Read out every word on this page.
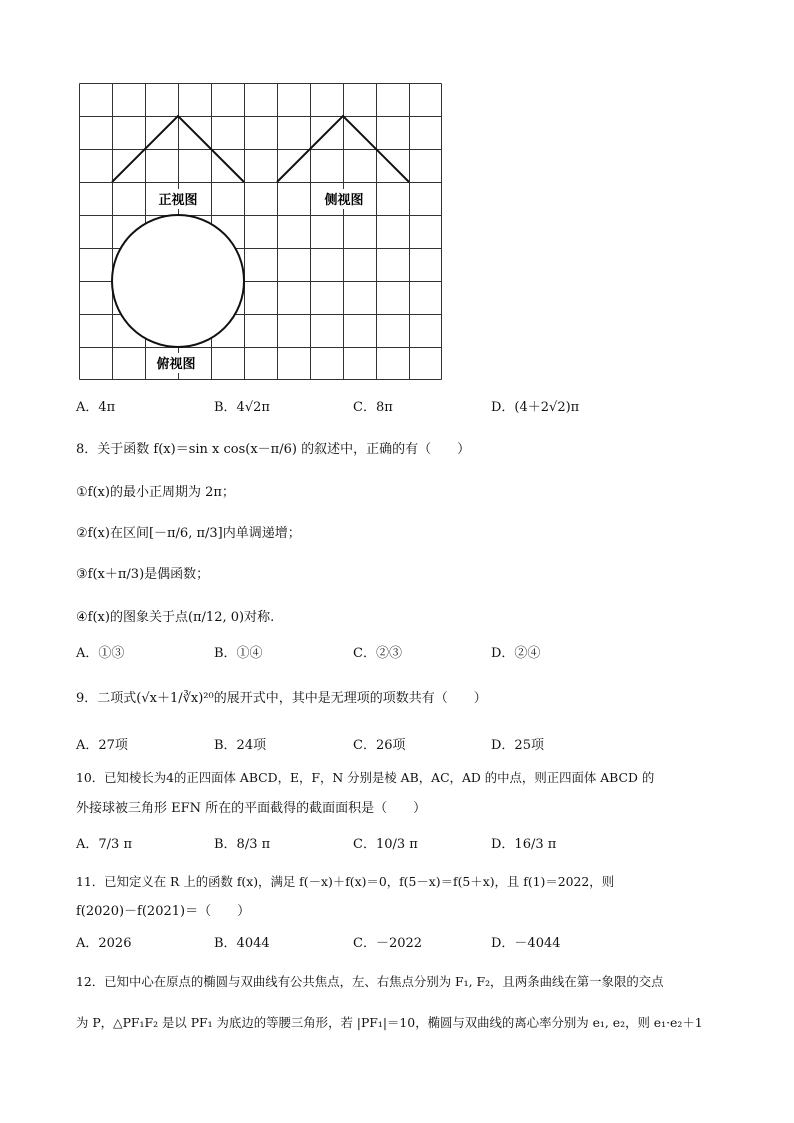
正视图	侧视图
俯视图
A．4π	B．4√2π	C．8π	D．(4＋2√2)π
8．关于函数 f(x)＝sin x cos(x－π/6) 的叙述中，正确的有（　　）
①f(x)的最小正周期为 2π；
②f(x)在区间[－π/6, π/3]内单调递增；
③f(x＋π/3)是偶函数；
④f(x)的图象关于点(π/12, 0)对称.
A．①③	B．①④	C．②③	D．②④
9．二项式(√x＋1/∛x)²⁰的展开式中，其中是无理项的项数共有（　　）
A．27项	B．24项	C．26项	D．25项
10．已知棱长为4的正四面体 ABCD，E，F，N 分别是棱 AB，AC，AD 的中点，则正四面体 ABCD 的
外接球被三角形 EFN 所在的平面截得的截面面积是（　　）
A．7/3 π	B．8/3 π	C．10/3 π	D．16/3 π
11．已知定义在 R 上的函数 f(x)，满足 f(－x)＋f(x)＝0，f(5－x)＝f(5＋x)，且 f(1)＝2022，则
f(2020)－f(2021)＝（　　）
A．2026	B．4044	C．－2022	D．－4044
12．已知中心在原点的椭圆与双曲线有公共焦点，左、右焦点分别为 F₁, F₂，且两条曲线在第一象限的交点
为 P，△PF₁F₂ 是以 PF₁ 为底边的等腰三角形，若 |PF₁|＝10，椭圆与双曲线的离心率分别为 e₁, e₂，则 e₁·e₂＋1
